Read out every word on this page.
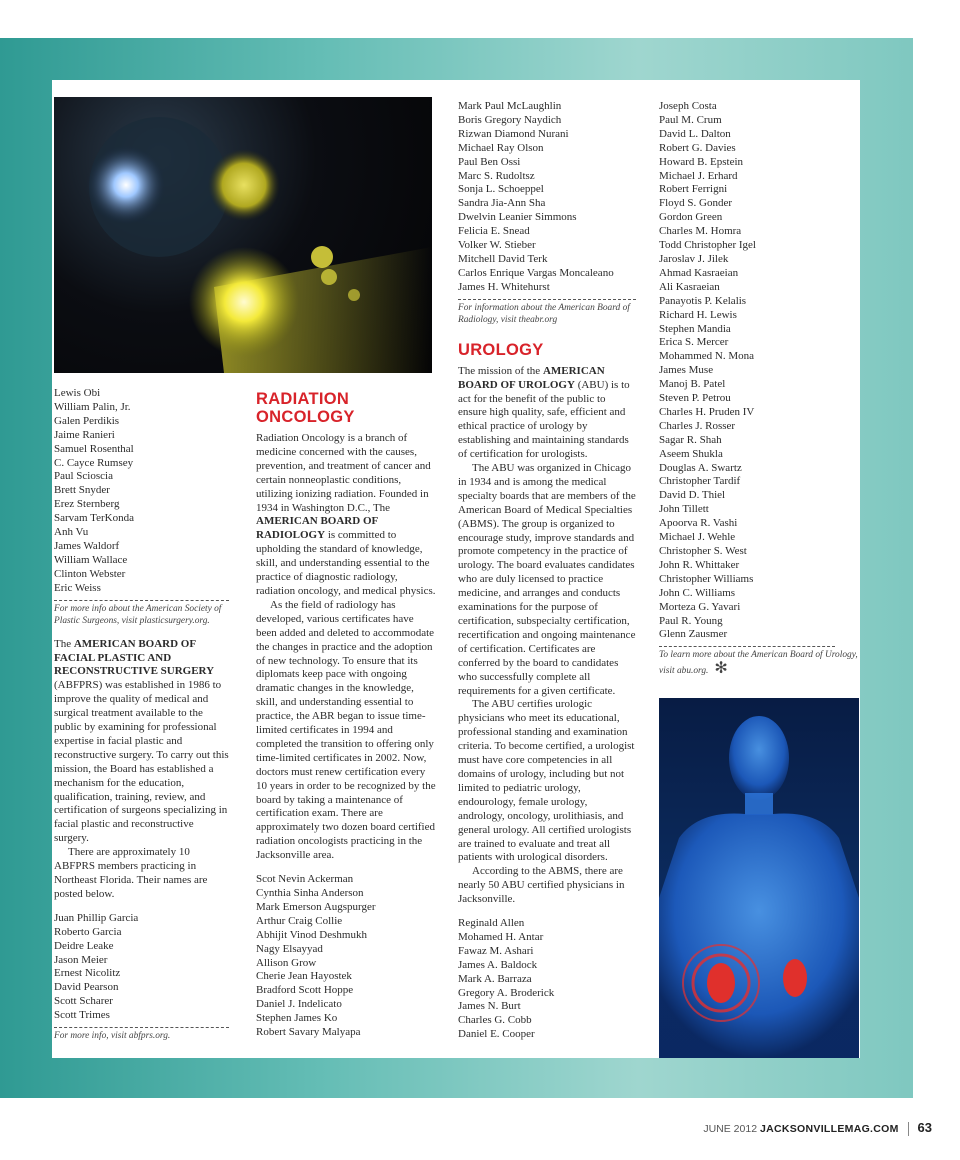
Lewis Obi
William Palin, Jr.
Galen Perdikis
Jaime Ranieri
Samuel Rosenthal
C. Cayce Rumsey
Paul Scioscia
Brett Snyder
Erez Sternberg
Sarvam TerKonda
Anh Vu
James Waldorf
William Wallace
Clinton Webster
Eric Weiss
For more info about the American Society of Plastic Surgeons, visit plasticsurgery.org.

The AMERICAN BOARD OF FACIAL PLASTIC AND RECONSTRUCTIVE SURGERY (ABFPRS) was established in 1986 to improve the quality of medical and surgical treatment available to the public by examining for professional expertise in facial plastic and reconstructive surgery. To carry out this mission, the Board has established a mechanism for the education, qualification, training, review, and certification of surgeons specializing in facial plastic and reconstructive surgery.

There are approximately 10 ABFPRS members practicing in Northeast Florida. Their names are posted below.

Juan Phillip Garcia
Roberto Garcia
Deidre Leake
Jason Meier
Ernest Nicolitz
David Pearson
Scott Scharer
Scott Trimes
For more info, visit abfprs.org.
RADIATION
ONCOLOGY

Radiation Oncology is a branch of medicine concerned with the causes, prevention, and treatment of cancer and certain nonneoplastic conditions, utilizing ionizing radiation. Founded in 1934 in Washington D.C., The AMERICAN BOARD OF RADIOLOGY is committed to upholding the standard of knowledge, skill, and understanding essential to the practice of diagnostic radiology, radiation oncology, and medical physics.

As the field of radiology has developed, various certificates have been added and deleted to accommodate the changes in practice and the adoption of new technology. To ensure that its diplomats keep pace with ongoing dramatic changes in the knowledge, skill, and understanding essential to practice, the ABR began to issue time-limited certificates in 1994 and completed the transition to offering only time-limited certificates in 2002. Now, doctors must renew certification every 10 years in order to be recognized by the board by taking a maintenance of certification exam. There are approximately two dozen board certified radiation oncologists practicing in the Jacksonville area.

Scot Nevin Ackerman
Cynthia Sinha Anderson
Mark Emerson Augspurger
Arthur Craig Collie
Abhijit Vinod Deshmukh
Nagy Elsayyad
Allison Grow
Cherie Jean Hayostek
Bradford Scott Hoppe
Daniel J. Indelicato
Stephen James Ko
Robert Savary Malyapa
Mark Paul McLaughlin
Boris Gregory Naydich
Rizwan Diamond Nurani
Michael Ray Olson
Paul Ben Ossi
Marc S. Rudoltsz
Sonja L. Schoeppel
Sandra Jia-Ann Sha
Dwelvin Leanier Simmons
Felicia E. Snead
Volker W. Stieber
Mitchell David Terk
Carlos Enrique Vargas Moncaleano
James H. Whitehurst
For information about the American Board of Radiology, visit theabr.org
UROLOGY

The mission of the AMERICAN BOARD OF UROLOGY (ABU) is to act for the benefit of the public to ensure high quality, safe, efficient and ethical practice of urology by establishing and maintaining standards of certification for urologists.

The ABU was organized in Chicago in 1934 and is among the medical specialty boards that are members of the American Board of Medical Specialties (ABMS). The group is organized to encourage study, improve standards and promote competency in the practice of urology. The board evaluates candidates who are duly licensed to practice medicine, and arranges and conducts examinations for the purpose of certification, subspecialty certification, recertification and ongoing maintenance of certification. Certificates are conferred by the board to candidates who successfully complete all requirements for a given certificate.

The ABU certifies urologic physicians who meet its educational, professional standing and examination criteria. To become certified, a urologist must have core competencies in all domains of urology, including but not limited to pediatric urology, endourology, female urology, andrology, oncology, urolithiasis, and general urology. All certified urologists are trained to evaluate and treat all patients with urological disorders.

According to the ABMS, there are nearly 50 ABU certified physicians in Jacksonville.

Reginald Allen
Mohamed H. Antar
Fawaz M. Ashari
James A. Baldock
Mark A. Barraza
Gregory A. Broderick
James N. Burt
Charles G. Cobb
Daniel E. Cooper
Joseph Costa
Paul M. Crum
David L. Dalton
Robert G. Davies
Howard B. Epstein
Michael J. Erhard
Robert Ferrigni
Floyd S. Gonder
Gordon Green
Charles M. Homra
Todd Christopher Igel
Jaroslav J. Jilek
Ahmad Kasraeian
Ali Kasraeian
Panayotis P. Kelalis
Richard H. Lewis
Stephen Mandia
Erica S. Mercer
Mohammed N. Mona
James Muse
Manoj B. Patel
Steven P. Petrou
Charles H. Pruden IV
Charles J. Rosser
Sagar R. Shah
Aseem Shukla
Douglas A. Swartz
Christopher Tardif
David D. Thiel
John Tillett
Apoorva R. Vashi
Michael J. Wehle
Christopher S. West
John R. Whittaker
Christopher Williams
John C. Williams
Morteza G. Yavari
Paul R. Young
Glenn Zausmer
To learn more about the American Board of Urology, visit abu.org. ✻
JUNE 2012 JACKSONVILLEMAG.COM 63
